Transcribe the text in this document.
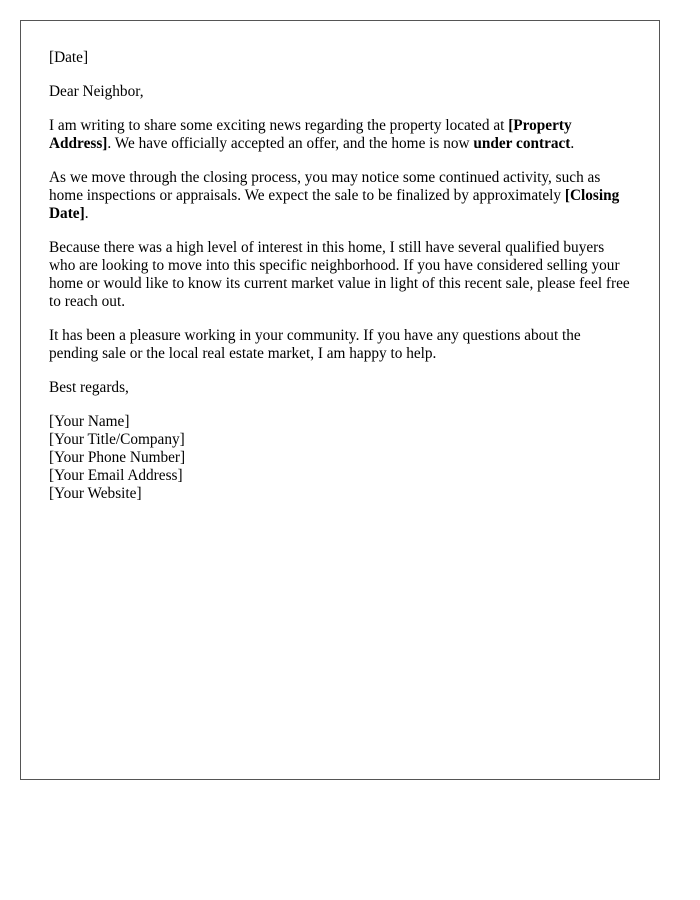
[Date]

Dear Neighbor,

I am writing to share some exciting news regarding the property located at [Property Address]. We have officially accepted an offer, and the home is now under contract.

As we move through the closing process, you may notice some continued activity, such as home inspections or appraisals. We expect the sale to be finalized by approximately [Closing Date].

Because there was a high level of interest in this home, I still have several qualified buyers who are looking to move into this specific neighborhood. If you have considered selling your home or would like to know its current market value in light of this recent sale, please feel free to reach out.

It has been a pleasure working in your community. If you have any questions about the pending sale or the local real estate market, I am happy to help.

Best regards,

[Your Name]
[Your Title/Company]
[Your Phone Number]
[Your Email Address]
[Your Website]
